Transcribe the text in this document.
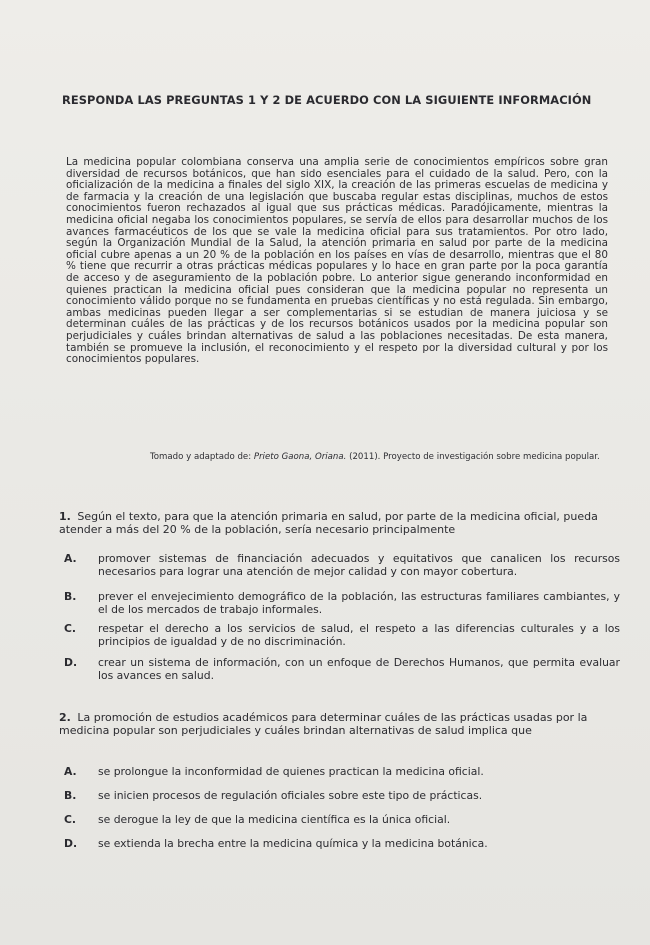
RESPONDA LAS PREGUNTAS 1 Y 2 DE ACUERDO CON LA SIGUIENTE INFORMACIÓN

La medicina popular colombiana conserva una amplia serie de conocimientos empíricos sobre gran diversidad de recursos botánicos, que han sido esenciales para el cuidado de la salud. Pero, con la oficialización de la medicina a finales del siglo XIX, la creación de las primeras escuelas de medicina y de farmacia y la creación de una legislación que buscaba regular estas disciplinas, muchos de estos conocimientos fueron rechazados al igual que sus prácticas médicas. Paradójicamente, mientras la medicina oficial negaba los conocimientos populares, se servía de ellos para desarrollar muchos de los avances farmacéuticos de los que se vale la medicina oficial para sus tratamientos. Por otro lado, según la Organización Mundial de la Salud, la atención primaria en salud por parte de la medicina oficial cubre apenas a un 20 % de la población en los países en vías de desarrollo, mientras que el 80 % tiene que recurrir a otras prácticas médicas populares y lo hace en gran parte por la poca garantía de acceso y de aseguramiento de la población pobre. Lo anterior sigue generando inconformidad en quienes practican la medicina oficial pues consideran que la medicina popular no representa un conocimiento válido porque no se fundamenta en pruebas científicas y no está regulada. Sin embargo, ambas medicinas pueden llegar a ser complementarias si se estudian de manera juiciosa y se determinan cuáles de las prácticas y de los recursos botánicos usados por la medicina popular son perjudiciales y cuáles brindan alternativas de salud a las poblaciones necesitadas. De esta manera, también se promueve la inclusión, el reconocimiento y el respeto por la diversidad cultural y por los conocimientos populares.

Tomado y adaptado de: Prieto Gaona, Oriana. (2011). Proyecto de investigación sobre medicina popular.
1. Según el texto, para que la atención primaria en salud, por parte de la medicina oficial, pueda atender a más del 20 % de la población, sería necesario principalmente
A.	promover sistemas de financiación adecuados y equitativos que canalicen los recursos necesarios para lograr una atención de mejor calidad y con mayor cobertura.
B.	prever el envejecimiento demográfico de la población, las estructuras familiares cambiantes, y el de los mercados de trabajo informales.
C.	respetar el derecho a los servicios de salud, el respeto a las diferencias culturales y a los principios de igualdad y de no discriminación.
D.	crear un sistema de información, con un enfoque de Derechos Humanos, que permita evaluar los avances en salud.
2. La promoción de estudios académicos para determinar cuáles de las prácticas usadas por la medicina popular son perjudiciales y cuáles brindan alternativas de salud implica que
A.	se prolongue la inconformidad de quienes practican la medicina oficial.
B.	se inicien procesos de regulación oficiales sobre este tipo de prácticas.
C.	se derogue la ley de que la medicina científica es la única oficial.
D.	se extienda la brecha entre la medicina química y la medicina botánica.
